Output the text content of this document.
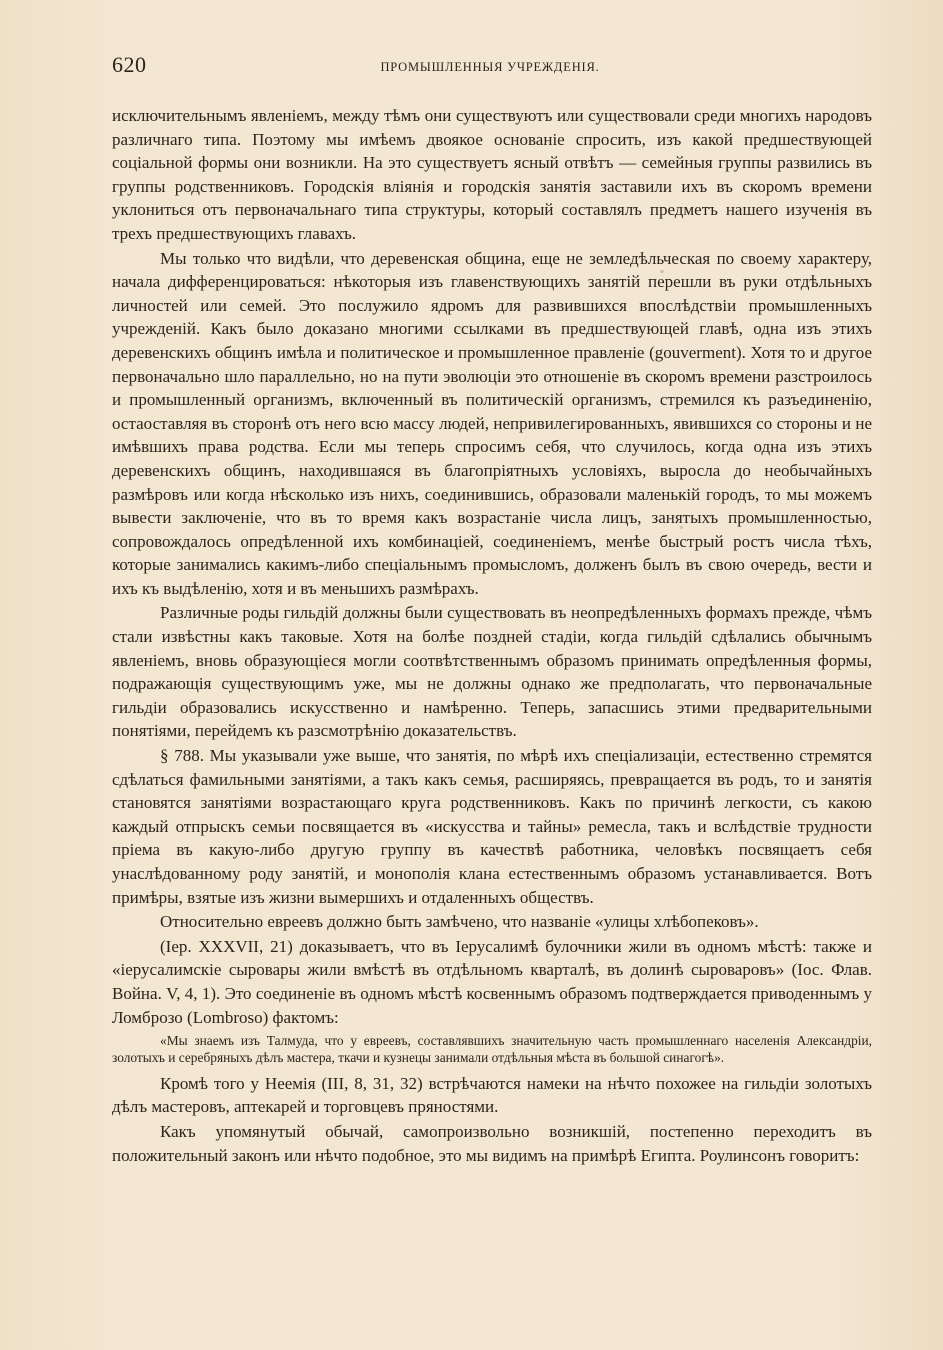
620	ПРОМЫШЛЕННЫЯ УЧРЕЖДЕНІЯ.

исключительнымъ явленіемъ, между тѣмъ они существуютъ или существовали среди многихъ народовъ различнаго типа. Поэтому мы имѣемъ двоякое основаніе спросить, изъ какой предшествующей соціальной формы они возникли. На это существуетъ ясный отвѣтъ — семейныя группы развились въ группы родственниковъ. Городскія вліянія и городскія занятія заставили ихъ въ скоромъ времени уклониться отъ первоначальнаго типа структуры, который составлялъ предметъ нашего изученія въ трехъ предшествующихъ главахъ.

Мы только что видѣли, что деревенская община, еще не земледѣльческая по своему характеру, начала дифференцироваться: нѣкоторыя изъ главенствующихъ занятій перешли въ руки отдѣльныхъ личностей или семей. Это послужило ядромъ для развившихся впослѣдствіи промышленныхъ учрежденій. Какъ было доказано многими ссылками въ предшествующей главѣ, одна изъ этихъ деревенскихъ общинъ имѣла и политическое и промышленное правленіе (gouverment). Хотя то и другое первоначально шло параллельно, но на пути эволюціи это отношеніе въ скоромъ времени разстроилось и промышленный организмъ, включенный въ политическій организмъ, стремился къ разъединенію, остаоставляя въ сторонѣ отъ него всю массу людей, непривилегированныхъ, явившихся со стороны и не имѣвшихъ права родства. Если мы теперь спросимъ себя, что случилось, когда одна изъ этихъ деревенскихъ общинъ, находившаяся въ благопріятныхъ условіяхъ, выросла до необычайныхъ размѣровъ или когда нѣсколько изъ нихъ, соединившись, образовали маленькій городъ, то мы можемъ вывести заключеніе, что въ то время какъ возрастаніе числа лицъ, занятыхъ промышленностью, сопровождалось опредѣленной ихъ комбинаціей, соединеніемъ, менѣе быстрый ростъ числа тѣхъ, которые занимались какимъ-либо спеціальнымъ промысломъ, долженъ былъ въ свою очередь, вести и ихъ къ выдѣленію, хотя и въ меньшихъ размѣрахъ.

Различные роды гильдій должны были существовать въ неопредѣленныхъ формахъ прежде, чѣмъ стали извѣстны какъ таковые. Хотя на болѣе поздней стадіи, когда гильдій сдѣлались обычнымъ явленіемъ, вновь образующіеся могли соотвѣтственнымъ образомъ принимать опредѣленныя формы, подражающія существующимъ уже, мы не должны однако же предполагать, что первоначальные гильдіи образовались искусственно и намѣренно. Теперь, запасшись этими предварительными понятіями, перейдемъ къ разсмотрѣнію доказательствъ.

§ 788. Мы указывали уже выше, что занятія, по мѣрѣ ихъ спеціализаціи, естественно стремятся сдѣлаться фамильными занятіями, а такъ какъ семья, расширяясь, превращается въ родъ, то и занятія становятся занятіями возрастающаго круга родственниковъ. Какъ по причинѣ легкости, съ какою каждый отпрыскъ семьи посвящается въ «искусства и тайны» ремесла, такъ и вслѣдствіе трудности пріема въ какую-либо другую группу въ качествѣ работника, человѣкъ посвящаетъ себя унаслѣдованному роду занятій, и монополія клана естественнымъ образомъ устанавливается. Вотъ примѣры, взятые изъ жизни вымершихъ и отдаленныхъ обществъ.

Относительно евреевъ должно быть замѣчено, что названіе «улицы хлѣбопековъ».

(Іер. XXXVII, 21) доказываетъ, что въ Іерусалимѣ булочники жили въ одномъ мѣстѣ: также и «іерусалимскіе сыровары жили вмѣстѣ въ отдѣльномъ кварталѣ, въ долинѣ сыроваровъ» (Іос. Флав. Война. V, 4, 1). Это соединеніе въ одномъ мѣстѣ косвеннымъ образомъ подтверждается приводеннымъ у Ломброзо (Lombroso) фактомъ:

«Мы знаемъ изъ Талмуда, что у евреевъ, составлявшихъ значительную часть промышленнаго населенія Александріи, золотыхъ и серебряныхъ дѣлъ мастера, ткачи и кузнецы занимали отдѣльныя мѣста въ большой синагогѣ».

Кромѣ того у Неемія (III, 8, 31, 32) встрѣчаются намеки на нѣчто похожее на гильдіи золотыхъ дѣлъ мастеровъ, аптекарей и торговцевъ пряностями.

Какъ упомянутый обычай, самопроизвольно возникшій, постепенно переходитъ въ положительный законъ или нѣчто подобное, это мы видимъ на примѣрѣ Египта. Роулинсонъ говоритъ:
